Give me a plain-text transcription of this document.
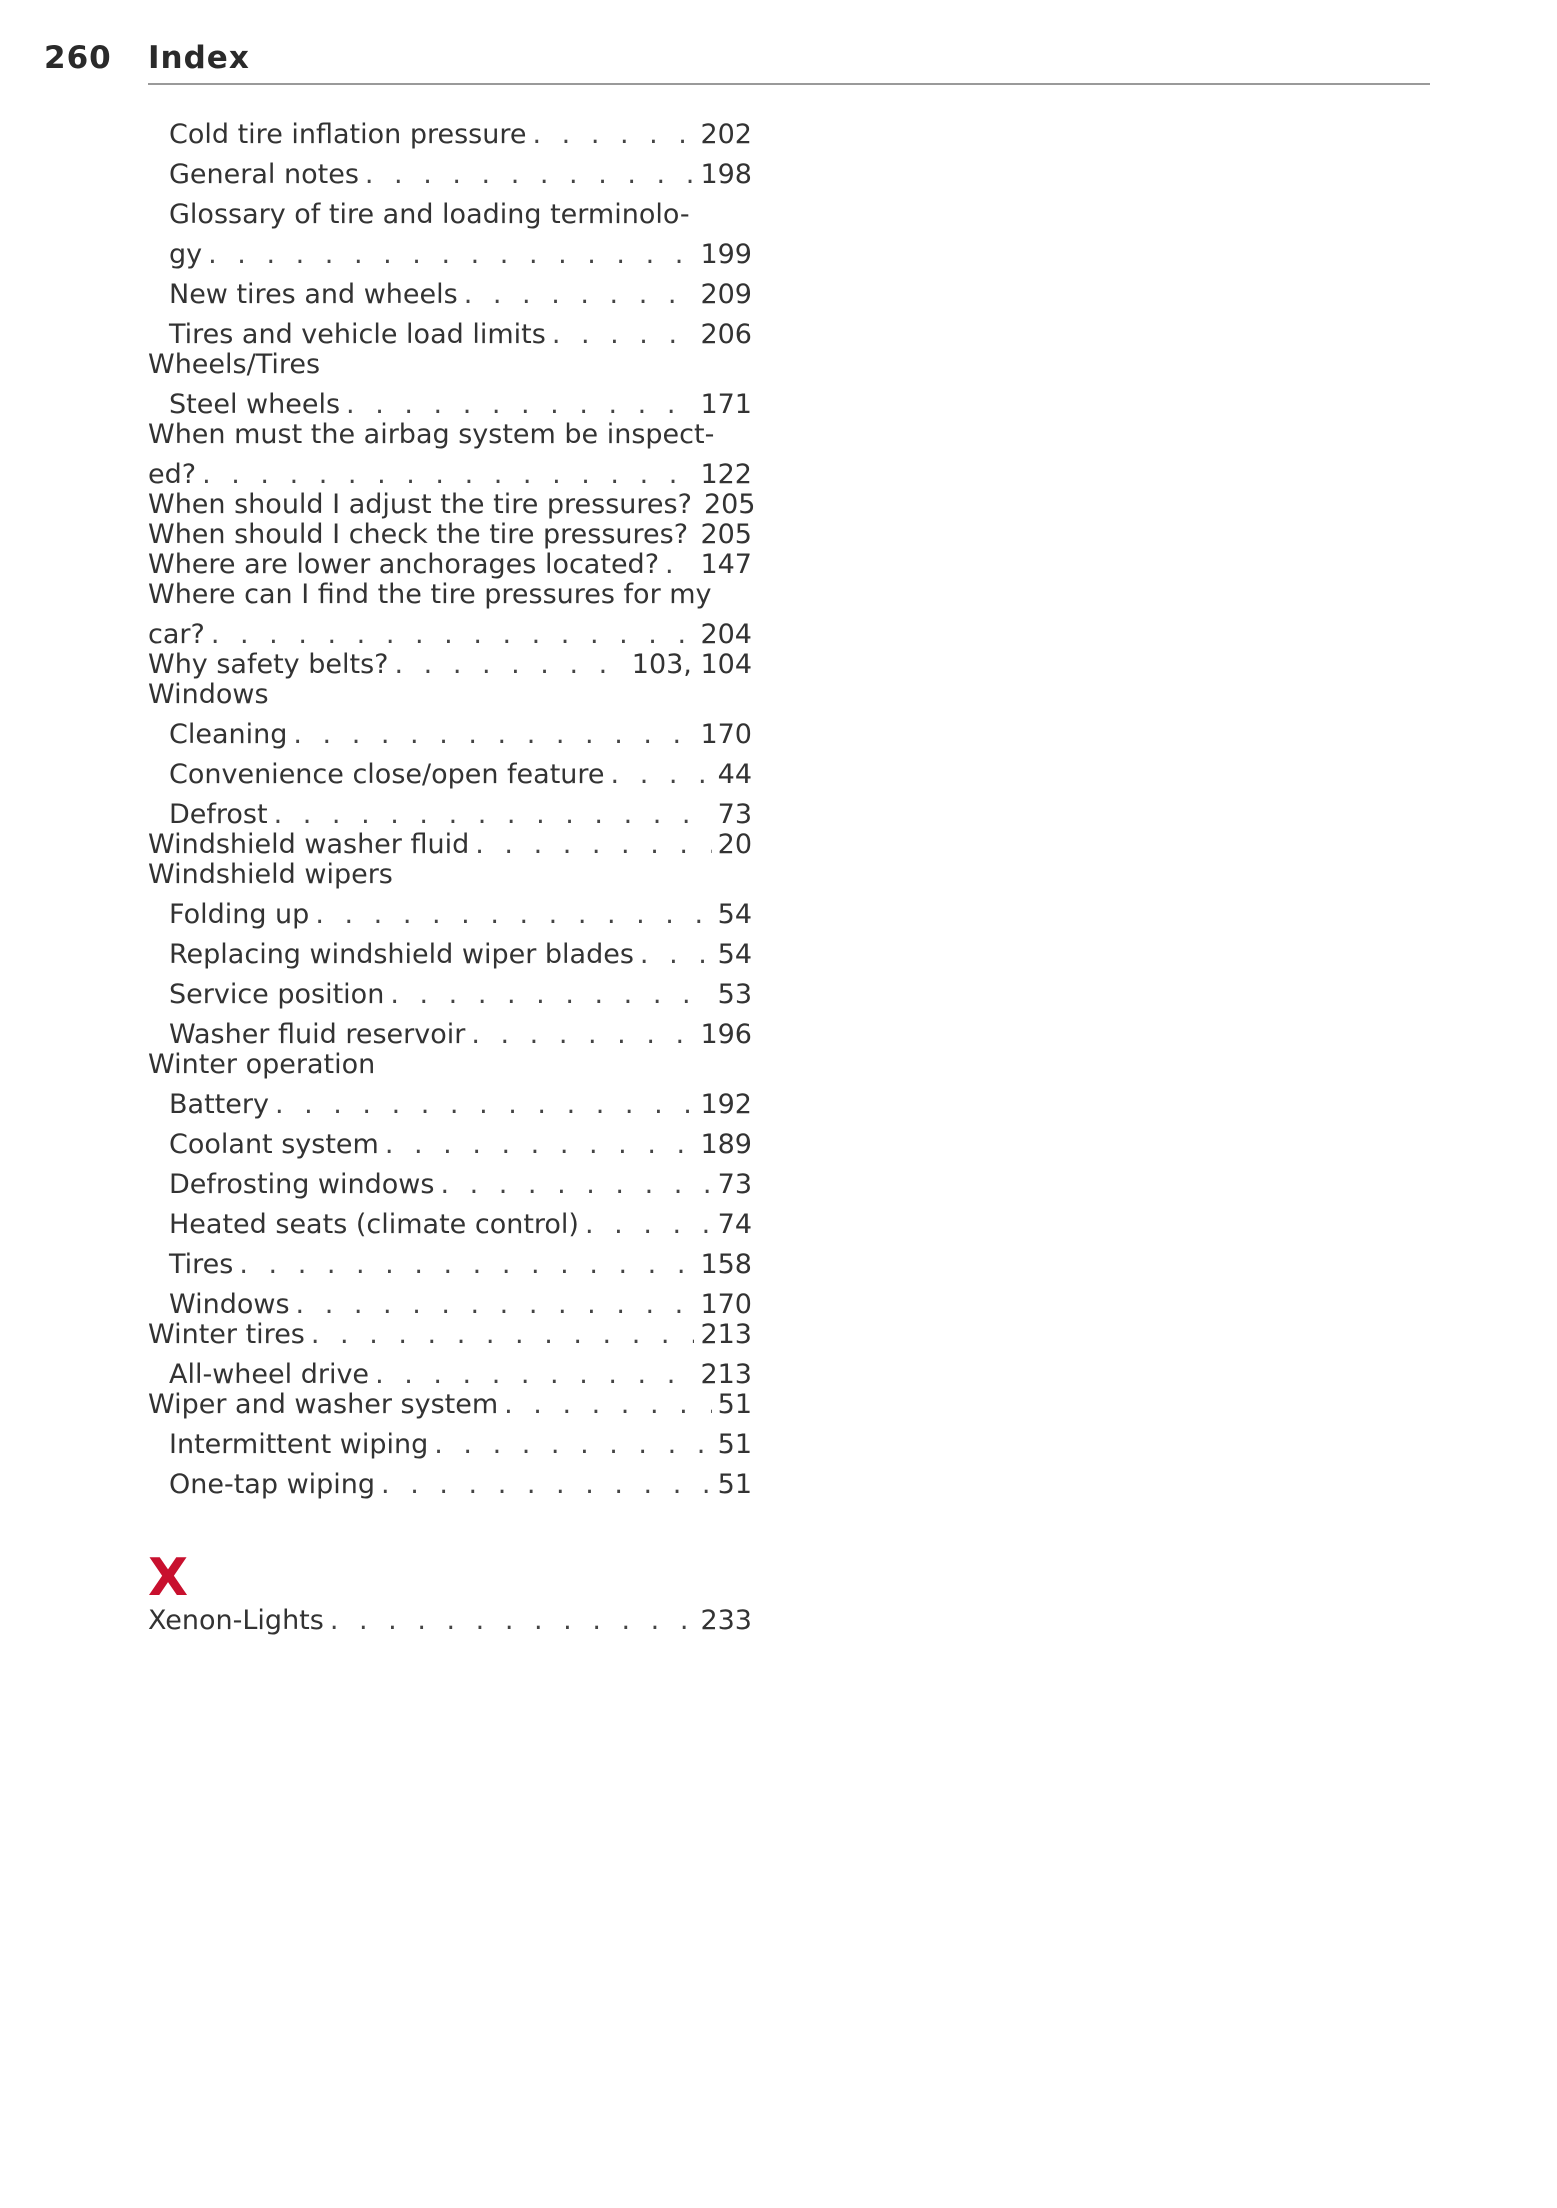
260 Index
Cold tire inflation pressure . . .	202
General notes . . .	198
Glossary of tire and loading terminolo-
gy . . .	199
New tires and wheels . . .	209
Tires and vehicle load limits . . .	206
Wheels/Tires
Steel wheels . . .	171
When must the airbag system be inspect-
ed? . . .	122
When should I adjust the tire pressures? 205
When should I check the tire pressures? . . . 205
Where are lower anchorages located? . . . 147
Where can I find the tire pressures for my
car? . . .	204
Why safety belts? . . .	103, 104
Windows
Cleaning . . .	170
Convenience close/open feature . . .	44
Defrost . . .	73
Windshield washer fluid . . .	20
Windshield wipers
Folding up . . .	54
Replacing windshield wiper blades . . .	54
Service position . . .	53
Washer fluid reservoir . . .	196
Winter operation
Battery . . .	192
Coolant system . . .	189
Defrosting windows . . .	73
Heated seats (climate control) . . .	74
Tires . . .	158
Windows . . .	170
Winter tires . . .	213
All-wheel drive . . .	213
Wiper and washer system . . .	51
Intermittent wiping . . .	51
One-tap wiping . . .	51
X
Xenon-Lights . . .	233
